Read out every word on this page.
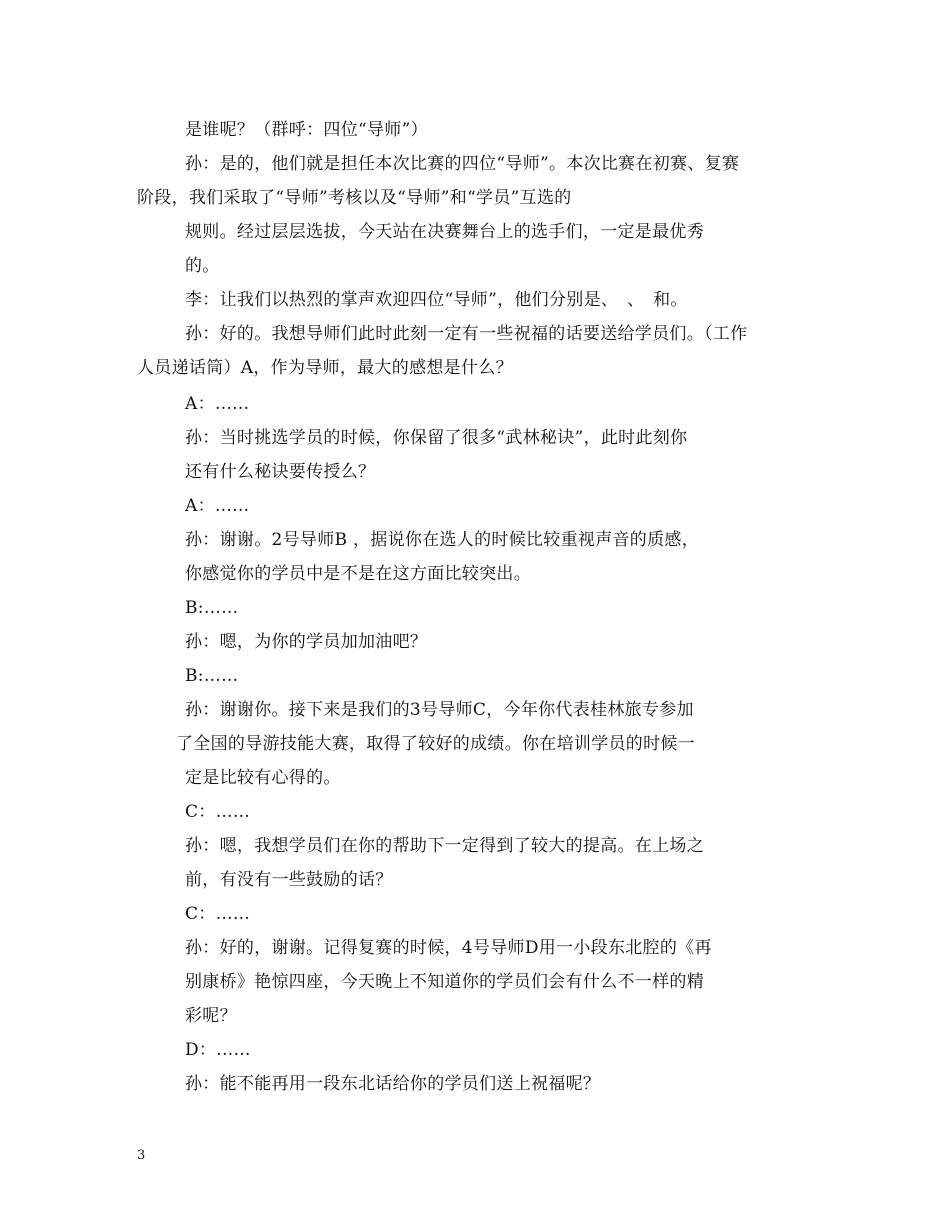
是谁呢？（群呼：四位“导师”）
孙：是的，他们就是担任本次比赛的四位“导师”。本次比赛在初赛、复赛
阶段，我们采取了“导师”考核以及“导师”和“学员”互选的
规则。经过层层选拔，今天站在决赛舞台上的选手们，一定是最优秀
的。
李：让我们以热烈的掌声欢迎四位“导师”，他们分别是、　、　和。
孙：好的。我想导师们此时此刻一定有一些祝福的话要送给学员们。（工作
人员递话筒）A，作为导师，最大的感想是什么？
A：……
孙：当时挑选学员的时候，你保留了很多“武林秘诀”，此时此刻你
还有什么秘诀要传授么？
A：……
孙：谢谢。2号导师B ，据说你在选人的时候比较重视声音的质感，
你感觉你的学员中是不是在这方面比较突出。
B:……
孙：嗯，为你的学员加加油吧？
B:……
孙：谢谢你。接下来是我们的3号导师C，今年你代表桂林旅专参加
了全国的导游技能大赛，取得了较好的成绩。你在培训学员的时候一
定是比较有心得的。
C：……
孙：嗯，我想学员们在你的帮助下一定得到了较大的提高。在上场之
前，有没有一些鼓励的话？
C：……
孙：好的，谢谢。记得复赛的时候，4号导师D用一小段东北腔的《再
别康桥》艳惊四座，今天晚上不知道你的学员们会有什么不一样的精
彩呢？
D：……
孙：能不能再用一段东北话给你的学员们送上祝福呢？
3
